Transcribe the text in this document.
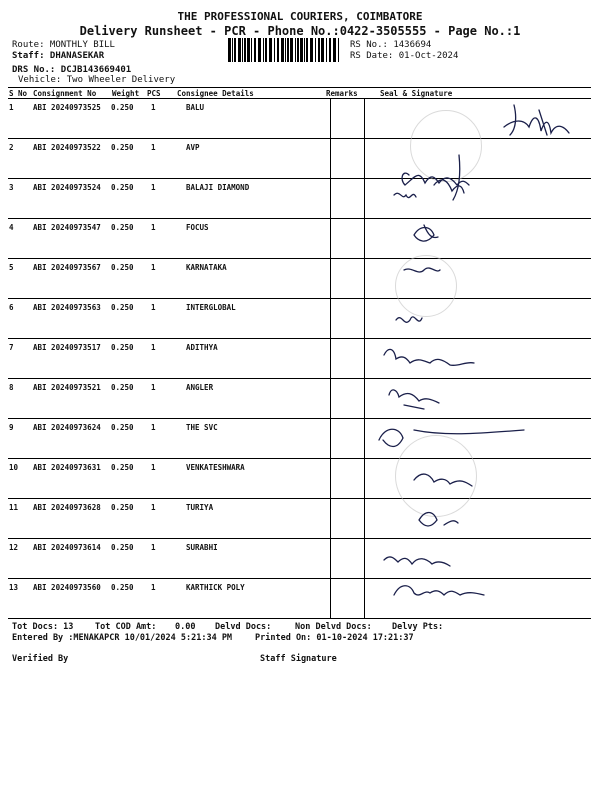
THE PROFESSIONAL COURIERS, COIMBATORE
Delivery Runsheet - PCR - Phone No.:0422-3505555 - Page No.:1
Route: MONTHLY BILL
Staff: DHANASEKAR
DRS No.: DCJB143669401
Vehicle: Two Wheeler Delivery
RS No.: 1436694
RS Date: 01-Oct-2024
S No Consignment No Weight PCS Consignee Details	Remarks	Seal & Signature
1	ABI 20240973525 0.250 1	BALU
2	ABI 20240973522 0.250 1	AVP
3	ABI 20240973524 0.250 1	BALAJI DIAMOND
4	ABI 20240973547 0.250 1	FOCUS
5	ABI 20240973567 0.250 1	KARNATAKA
6	ABI 20240973563 0.250 1	INTERGLOBAL
7	ABI 20240973517 0.250 1	ADITHYA
8	ABI 20240973521 0.250 1	ANGLER
9	ABI 20240973624 0.250 1	THE SVC
10 ABI 20240973631 0.250 1	VENKATESHWARA
11 ABI 20240973628 0.250 1	TURIYA
12 ABI 20240973614 0.250 1	SURABHI
13 ABI 20240973560 0.250 1	KARTHICK POLY
Tot Docs: 13	Tot COD Amt: 0.00 Delvd Docs:	Non Delvd Docs: Delvy Pts:
Entered By :MENAKAPCR 10/01/2024 5:21:34 PM	Printed On: 01-10-2024 17:21:37
Verified By	Staff Signature
